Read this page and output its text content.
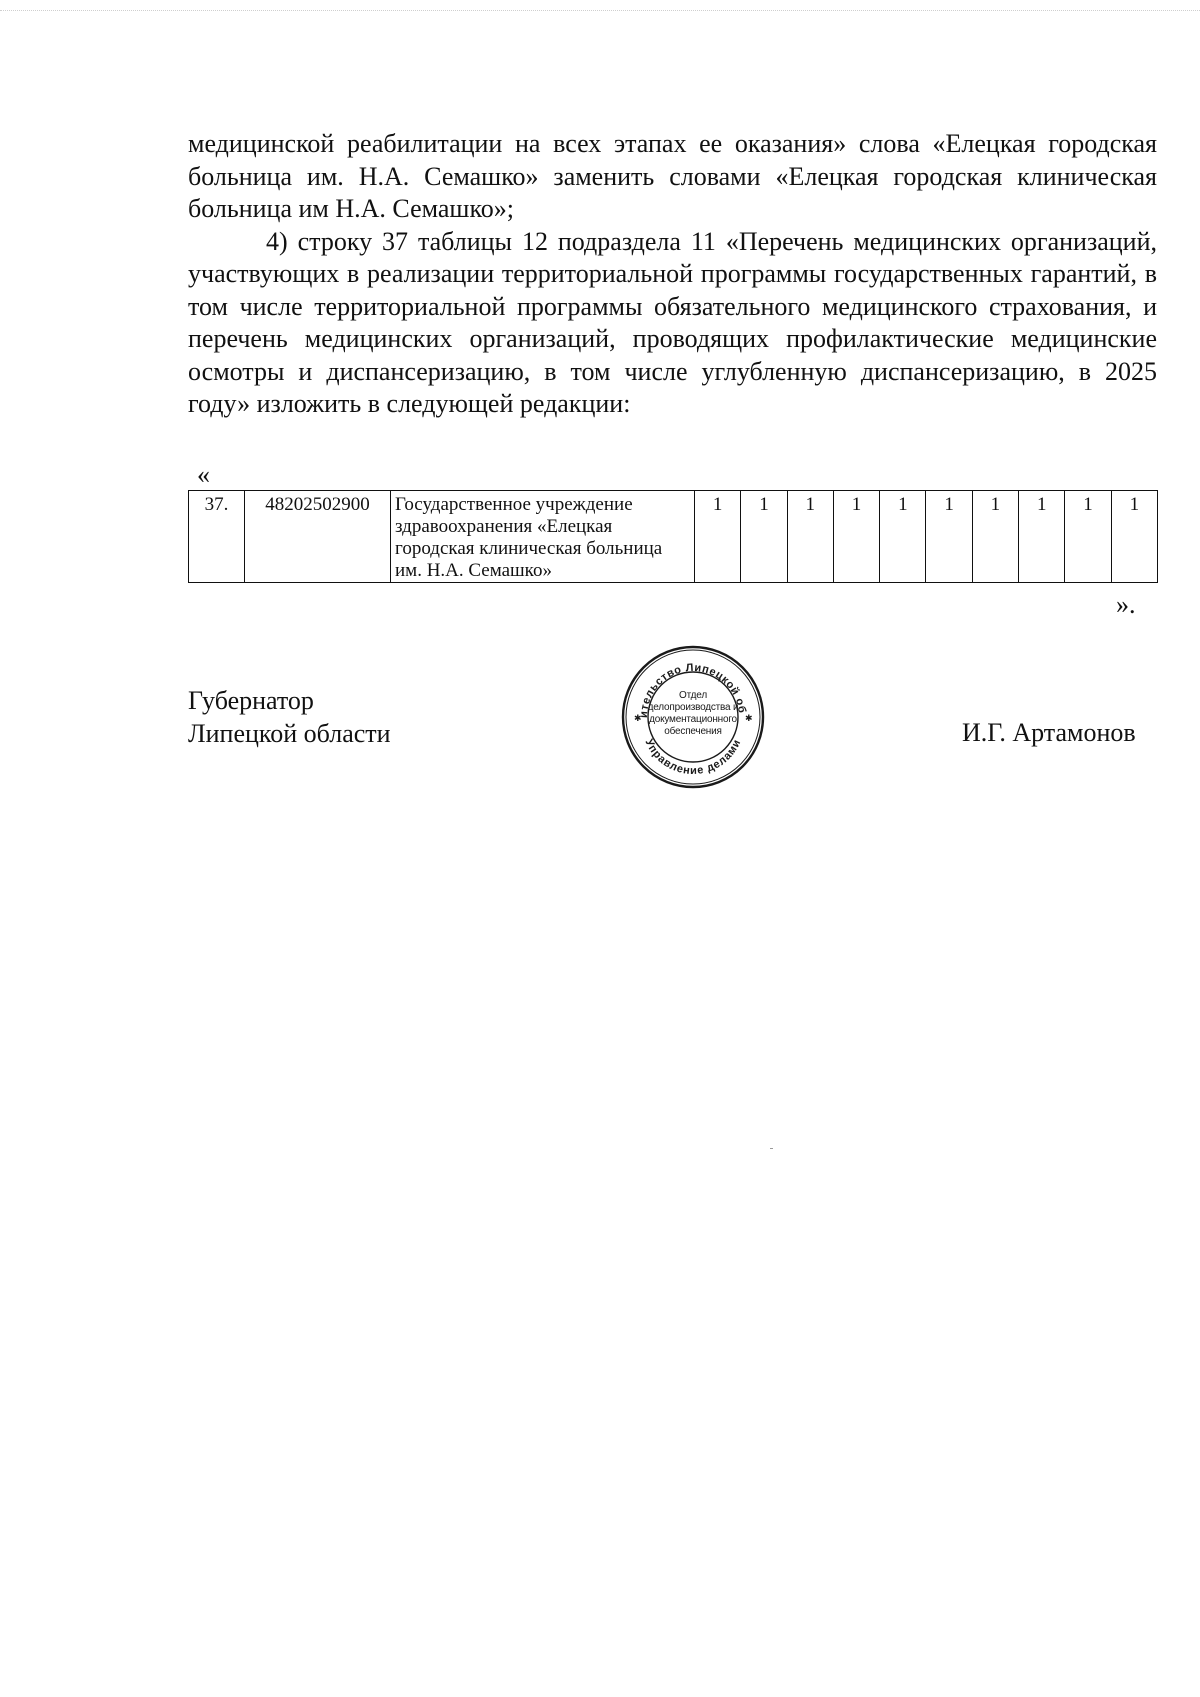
медицинской реабилитации на всех этапах ее оказания» слова «Елецкая городская больница им. Н.А. Семашко» заменить словами «Елецкая городская клиническая больница им Н.А. Семашко»;

4) строку 37 таблицы 12 подраздела 11 «Перечень медицинских организаций, участвующих в реализации территориальной программы государственных гарантий, в том числе территориальной программы обязательного медицинского страхования, и перечень медицинских организаций, проводящих профилактические медицинские осмотры и диспансеризацию, в том числе углубленную диспансеризацию, в 2025 году» изложить в следующей редакции:

«
37.	48202502900	Государственное учреждение здравоохранения «Елецкая городская клиническая больница им. Н.А. Семашко»	1	1	1	1	1	1	1	1	1	1
».
Губернатор
Липецкой области	И.Г. Артамонов
ительство Липецкой об
Управление делами
✱	✱
Отдел
делопроизводства и
документационного
обеспечения
